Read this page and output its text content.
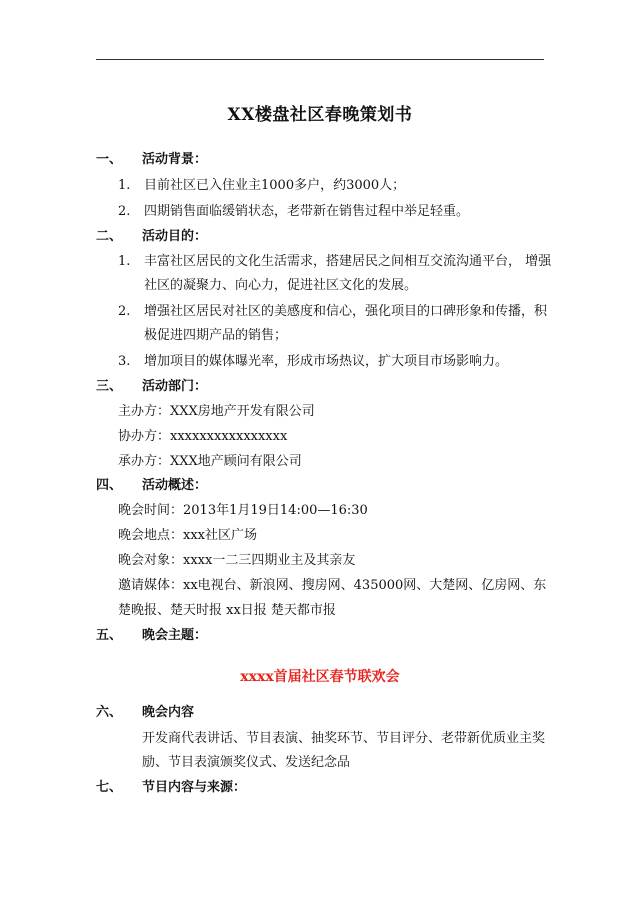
XX楼盘社区春晚策划书
一、 活动背景：
1. 目前社区已入住业主1000多户，约3000人；
2. 四期销售面临缓销状态，老带新在销售过程中举足轻重。
二、 活动目的：
1. 丰富社区居民的文化生活需求，搭建居民之间相互交流沟通平台， 增强
社区的凝聚力、向心力，促进社区文化的发展。
2. 增强社区居民对社区的美感度和信心，强化项目的口碑形象和传播，积
极促进四期产品的销售；
3. 增加项目的媒体曝光率，形成市场热议，扩大项目市场影响力。
三、 活动部门：
主办方：XXX房地产开发有限公司
协办方：xxxxxxxxxxxxxxxx
承办方：XXX地产顾问有限公司
四、 活动概述：
晚会时间：2013年1月19日14:00—16:30
晚会地点：xxx社区广场
晚会对象：xxxx一二三四期业主及其亲友
邀请媒体：xx电视台、新浪网、搜房网、435000网、大楚网、亿房网、东
楚晚报、楚天时报 xx日报 楚天都市报
五、 晚会主题：
xxxx首届社区春节联欢会
六、 晚会内容
开发商代表讲话、节目表演、抽奖环节、节目评分、老带新优质业主奖
励、节目表演颁奖仪式、发送纪念品
七、 节目内容与来源：
